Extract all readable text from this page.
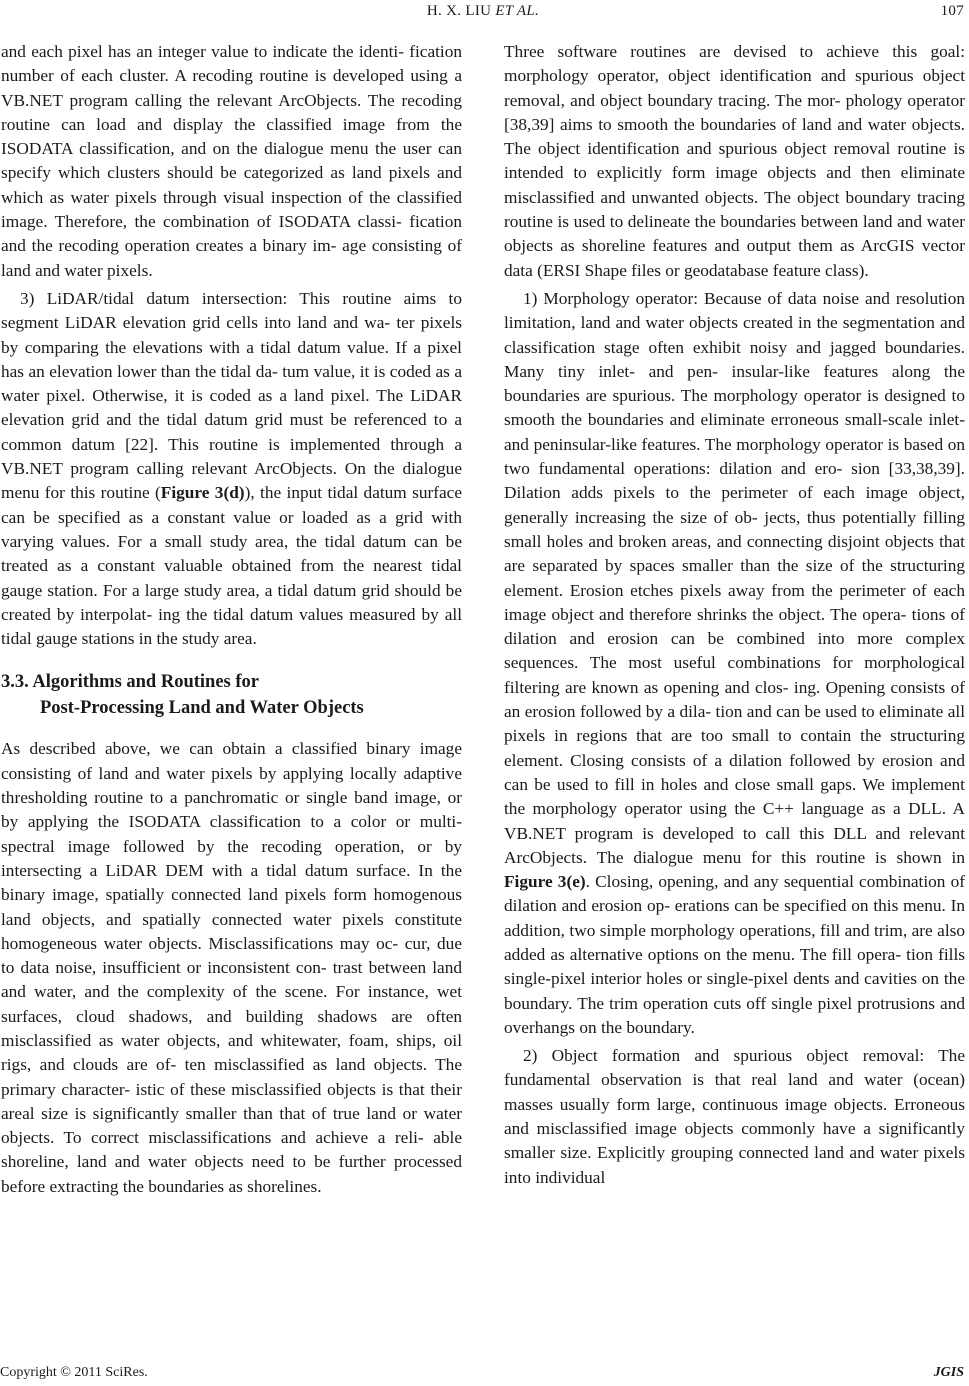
H. X. LIU ET AL.	107

and each pixel has an integer value to indicate the identi- fication number of each cluster. A recoding routine is developed using a VB.NET program calling the relevant ArcObjects. The recoding routine can load and display the classified image from the ISODATA classification, and on the dialogue menu the user can specify which clusters should be categorized as land pixels and which as water pixels through visual inspection of the classified image. Therefore, the combination of ISODATA classi- fication and the recoding operation creates a binary im- age consisting of land and water pixels.

3) LiDAR/tidal datum intersection: This routine aims to segment LiDAR elevation grid cells into land and wa- ter pixels by comparing the elevations with a tidal datum value. If a pixel has an elevation lower than the tidal da- tum value, it is coded as a water pixel. Otherwise, it is coded as a land pixel. The LiDAR elevation grid and the tidal datum grid must be referenced to a common datum [22]. This routine is implemented through a VB.NET program calling relevant ArcObjects. On the dialogue menu for this routine (Figure 3(d)), the input tidal datum surface can be specified as a constant value or loaded as a grid with varying values. For a small study area, the tidal datum can be treated as a constant valuable obtained from the nearest tidal gauge station. For a large study area, a tidal datum grid should be created by interpolat- ing the tidal datum values measured by all tidal gauge stations in the study area.

3.3. Algorithms and Routines for
Post-Processing Land and Water Objects

As described above, we can obtain a classified binary image consisting of land and water pixels by applying locally adaptive thresholding routine to a panchromatic or single band image, or by applying the ISODATA classification to a color or multi-spectral image followed by the recoding operation, or by intersecting a LiDAR DEM with a tidal datum surface. In the binary image, spatially connected land pixels form homogenous land objects, and spatially connected water pixels constitute homogeneous water objects. Misclassifications may oc- cur, due to data noise, insufficient or inconsistent con- trast between land and water, and the complexity of the scene. For instance, wet surfaces, cloud shadows, and building shadows are often misclassified as water objects, and whitewater, foam, ships, oil rigs, and clouds are of- ten misclassified as land objects. The primary character- istic of these misclassified objects is that their areal size is significantly smaller than that of true land or water objects. To correct misclassifications and achieve a reli- able shoreline, land and water objects need to be further processed before extracting the boundaries as shorelines.

Three software routines are devised to achieve this goal: morphology operator, object identification and spurious object removal, and object boundary tracing. The mor- phology operator [38,39] aims to smooth the boundaries of land and water objects. The object identification and spurious object removal routine is intended to explicitly form image objects and then eliminate misclassified and unwanted objects. The object boundary tracing routine is used to delineate the boundaries between land and water objects as shoreline features and output them as ArcGIS vector data (ERSI Shape files or geodatabase feature class).

1) Morphology operator: Because of data noise and resolution limitation, land and water objects created in the segmentation and classification stage often exhibit noisy and jagged boundaries. Many tiny inlet- and pen- insular-like features along the boundaries are spurious. The morphology operator is designed to smooth the boundaries and eliminate erroneous small-scale inlet- and peninsular-like features. The morphology operator is based on two fundamental operations: dilation and ero- sion [33,38,39]. Dilation adds pixels to the perimeter of each image object, generally increasing the size of ob- jects, thus potentially filling small holes and broken areas, and connecting disjoint objects that are separated by spaces smaller than the size of the structuring element. Erosion etches pixels away from the perimeter of each image object and therefore shrinks the object. The opera- tions of dilation and erosion can be combined into more complex sequences. The most useful combinations for morphological filtering are known as opening and clos- ing. Opening consists of an erosion followed by a dila- tion and can be used to eliminate all pixels in regions that are too small to contain the structuring element. Closing consists of a dilation followed by erosion and can be used to fill in holes and close small gaps. We implement the morphology operator using the C++ language as a DLL. A VB.NET program is developed to call this DLL and relevant ArcObjects. The dialogue menu for this routine is shown in Figure 3(e). Closing, opening, and any sequential combination of dilation and erosion op- erations can be specified on this menu. In addition, two simple morphology operations, fill and trim, are also added as alternative options on the menu. The fill opera- tion fills single-pixel interior holes or single-pixel dents and cavities on the boundary. The trim operation cuts off single pixel protrusions and overhangs on the boundary.

2) Object formation and spurious object removal: The fundamental observation is that real land and water (ocean) masses usually form large, continuous image objects. Erroneous and misclassified image objects commonly have a significantly smaller size. Explicitly grouping connected land and water pixels into individual

Copyright © 2011 SciRes.	JGIS
